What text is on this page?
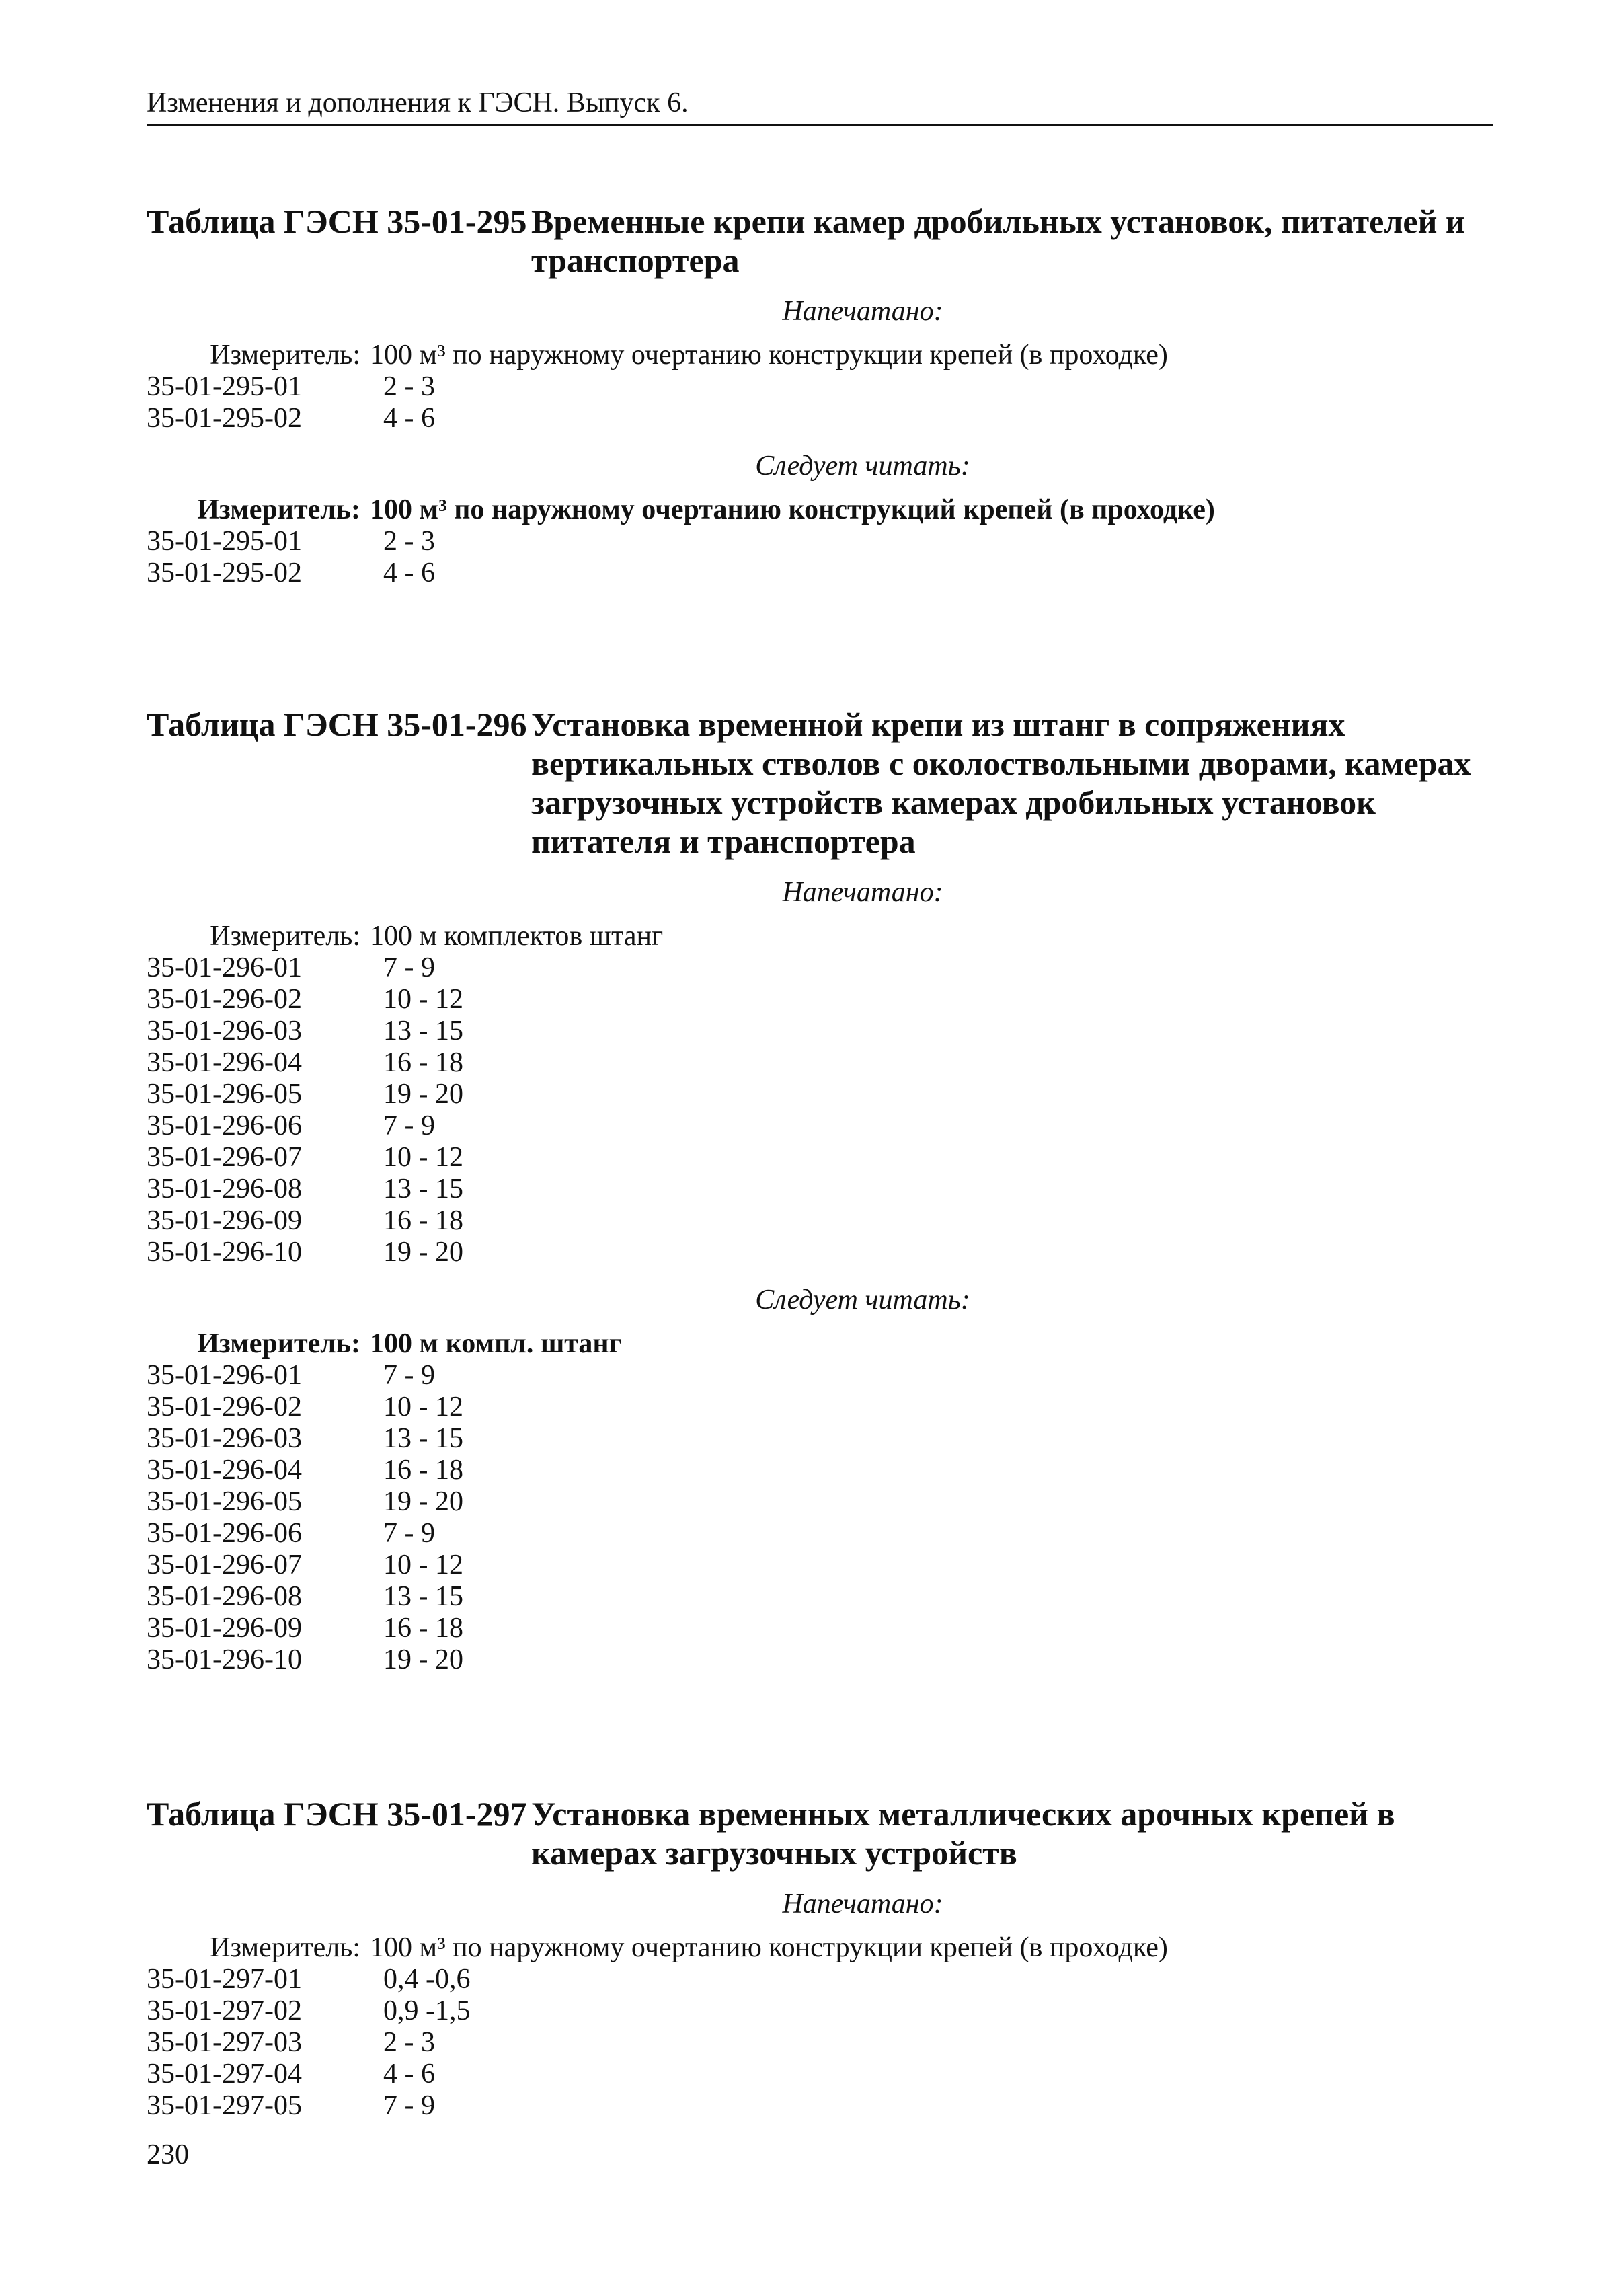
Изменения и дополнения к ГЭСН. Выпуск 6.
Таблица ГЭСН 35-01-295 Временные крепи камер дробильных установок, питателей и транспортера
Напечатано:
Измеритель: 100 м³ по наружному очертанию конструкции крепей (в проходке)
35-01-295-01	2 - 3
35-01-295-02	4 - 6
Следует читать:
Измеритель: 100 м³ по наружному очертанию конструкций крепей (в проходке)
35-01-295-01	2 - 3
35-01-295-02	4 - 6
Таблица ГЭСН 35-01-296 Установка временной крепи из штанг в сопряжениях вертикальных стволов с околоствольными дворами, камерах загрузочных устройств камерах дробильных установок питателя и транспортера
Напечатано:
Измеритель: 100 м комплектов штанг
35-01-296-01	7 - 9
35-01-296-02	10 - 12
35-01-296-03	13 - 15
35-01-296-04	16 - 18
35-01-296-05	19 - 20
35-01-296-06	7 - 9
35-01-296-07	10 - 12
35-01-296-08	13 - 15
35-01-296-09	16 - 18
35-01-296-10	19 - 20
Следует читать:
Измеритель: 100 м компл. штанг
35-01-296-01	7 - 9
35-01-296-02	10 - 12
35-01-296-03	13 - 15
35-01-296-04	16 - 18
35-01-296-05	19 - 20
35-01-296-06	7 - 9
35-01-296-07	10 - 12
35-01-296-08	13 - 15
35-01-296-09	16 - 18
35-01-296-10	19 - 20
Таблица ГЭСН 35-01-297 Установка временных металлических арочных крепей в камерах загрузочных устройств
Напечатано:
Измеритель: 100 м³ по наружному очертанию конструкции крепей (в проходке)
35-01-297-01	0,4 -0,6
35-01-297-02	0,9 -1,5
35-01-297-03	2 - 3
35-01-297-04	4 - 6
35-01-297-05	7 - 9
230
